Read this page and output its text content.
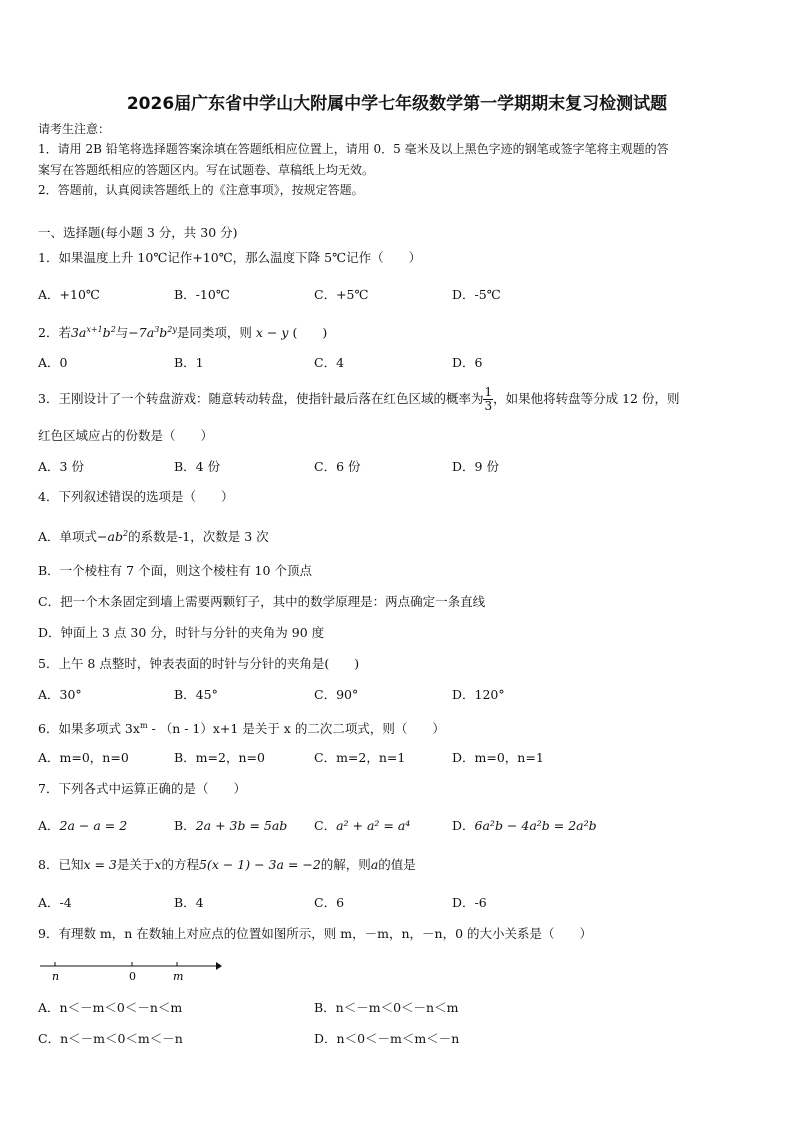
2026届广东省中学山大附属中学七年级数学第一学期期末复习检测试题
请考生注意：
1．请用 2B 铅笔将选择题答案涂填在答题纸相应位置上，请用 0．5 毫米及以上黑色字迹的钢笔或签字笔将主观题的答
案写在答题纸相应的答题区内。写在试题卷、草稿纸上均无效。
2．答题前，认真阅读答题纸上的《注意事项》，按规定答题。
一、选择题(每小题 3 分，共 30 分)
1．如果温度上升 10℃记作+10℃，那么温度下降 5℃记作（　　）
A．+10℃	B．-10℃	C．+5℃	D．-5℃
2．若$3a^{x+1}b^2$与$-7a^3b^{2y}$是同类项，则 x − y (　　)
A．0	B．1	C．4	D．6
3．王刚设计了一个转盘游戏：随意转动转盘，使指针最后落在红色区域的概率为 $\frac{1}{3}$ ，如果他将转盘等分成 12 份，则
红色区域应占的份数是（　　）
A．3 份	B．4 份	C．6 份	D．9 份
4．下列叙述错误的选项是（　　）
A．单项式$-ab^2$的系数是-1，次数是 3 次
B．一个棱柱有 7 个面，则这个棱柱有 10 个顶点
C．把一个木条固定到墙上需要两颗钉子，其中的数学原理是：两点确定一条直线
D．钟面上 3 点 30 分，时针与分针的夹角为 90 度
5．上午 8 点整时，钟表表面的时针与分针的夹角是(　　)
A．30°	B．45°	C．90°	D．120°
6．如果多项式 $3x^m - (n - 1)x+1$ 是关于 x 的二次二项式，则（　　）
A．m=0，n=0	B．m=2，n=0	C．m=2，n=1	D．m=0，n=1
7．下列各式中运算正确的是（　　）
A．2a − a = 2	B．2a + 3b = 5ab C．a² + a² = a⁴	D．6a²b − 4a²b = 2a²b
8．已知x = 3是关于x的方程5(x − 1) − 3a = −2的解，则a的值是
A．-4	B．4	C．6	D．-6
9．有理数 m，n 在数轴上对应点的位置如图所示，则 m，－m，n，－n，0 的大小关系是（　　）
n	0	m
A．n＜－m＜0＜－n＜m	B．n＜－m＜0＜－n＜m
C．n＜－m＜0＜m＜－n	D．n＜0＜－m＜m＜－n
